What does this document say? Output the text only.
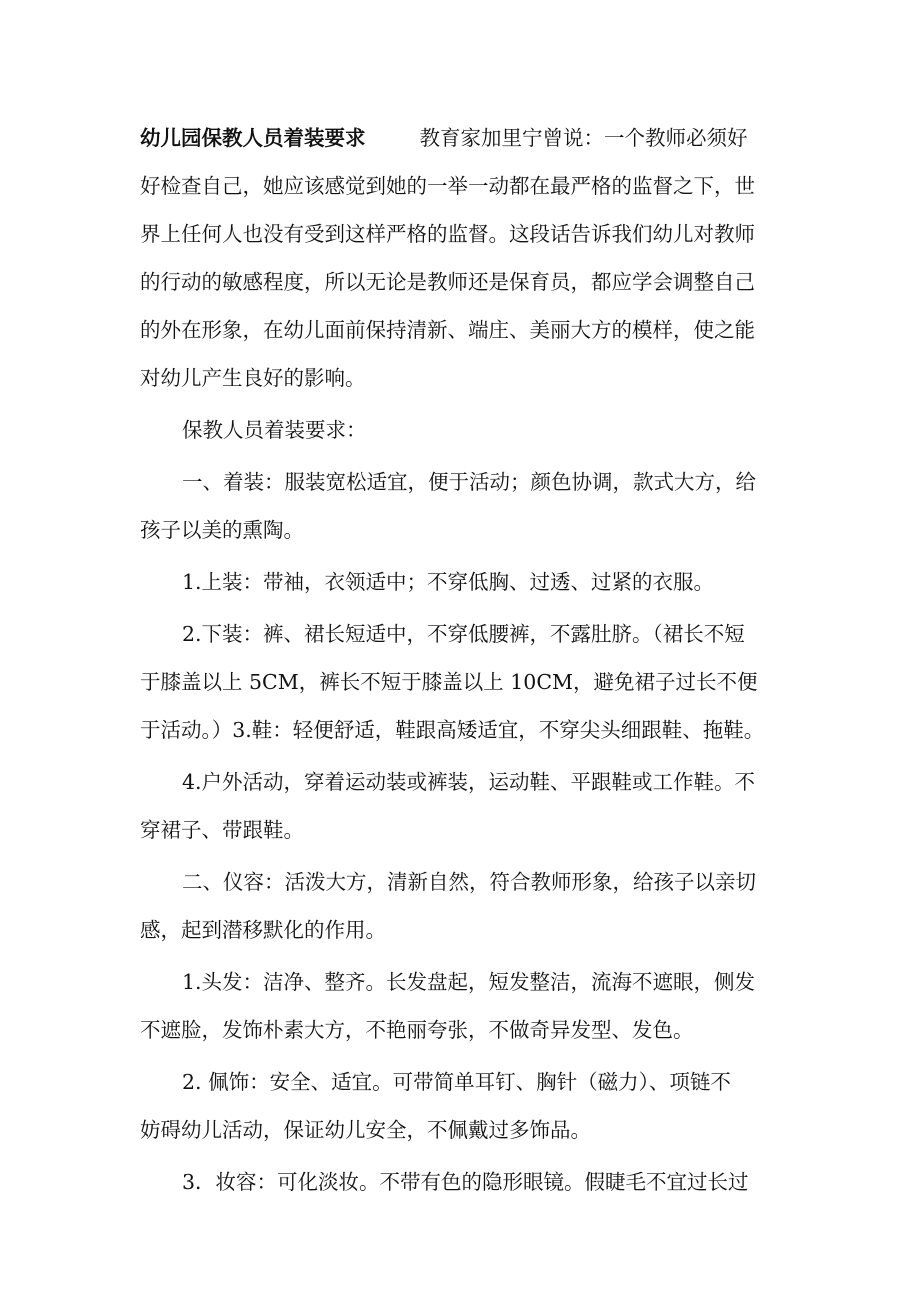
幼儿园保教人员着装要求	教育家加里宁曾说：一个教师必须好
好检查自己，她应该感觉到她的一举一动都在最严格的监督之下，世
界上任何人也没有受到这样严格的监督。这段话告诉我们幼儿对教师
的行动的敏感程度，所以无论是教师还是保育员，都应学会调整自己
的外在形象，在幼儿面前保持清新、端庄、美丽大方的模样，使之能
对幼儿产生良好的影响。
保教人员着装要求：
一、着装：服装宽松适宜，便于活动；颜色协调，款式大方，给
孩子以美的熏陶。
1.上装：带袖，衣领适中；不穿低胸、过透、过紧的衣服。
2.下装：裤、裙长短适中，不穿低腰裤，不露肚脐。（裙长不短
于膝盖以上 5CM，裤长不短于膝盖以上 10CM，避免裙子过长不便
于活动。）3.鞋：轻便舒适，鞋跟高矮适宜，不穿尖头细跟鞋、拖鞋。
4.户外活动，穿着运动装或裤装，运动鞋、平跟鞋或工作鞋。不
穿裙子、带跟鞋。
二、仪容：活泼大方，清新自然，符合教师形象，给孩子以亲切
感，起到潜移默化的作用。
1.头发：洁净、整齐。长发盘起，短发整洁，流海不遮眼，侧发
不遮脸，发饰朴素大方，不艳丽夸张，不做奇异发型、发色。
2. 佩饰：安全、适宜。可带简单耳钉、胸针（磁力）、项链不
妨碍幼儿活动，保证幼儿安全，不佩戴过多饰品。
3．妆容：可化淡妆。不带有色的隐形眼镜。假睫毛不宜过长过
